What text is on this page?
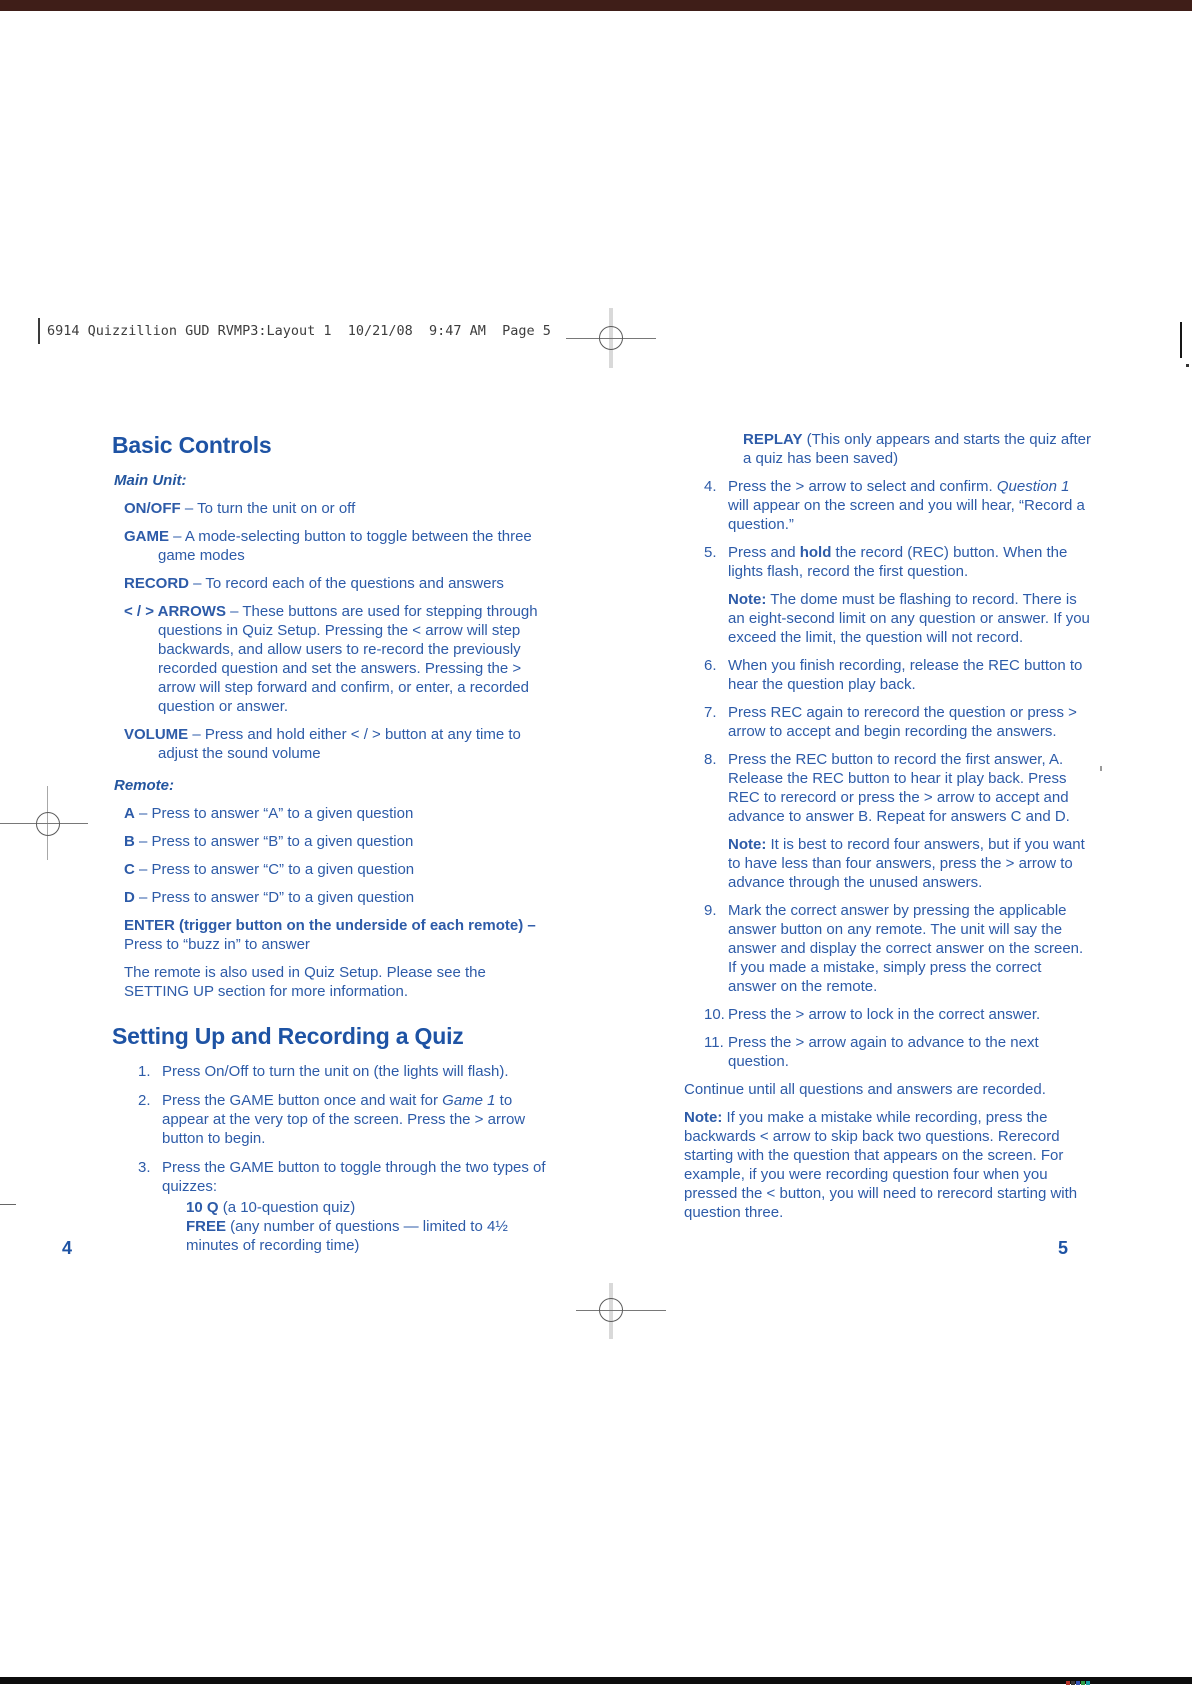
6914 Quizzillion GUD RVMP3:Layout 1  10/21/08  9:47 AM  Page 5
Basic Controls
Main Unit:
ON/OFF – To turn the unit on or off
GAME – A mode-selecting button to toggle between the three game modes
RECORD – To record each of the questions and answers
< / > ARROWS – These buttons are used for stepping through questions in Quiz Setup. Pressing the < arrow will step backwards, and allow users to re-record the previously recorded question and set the answers. Pressing the > arrow will step forward and confirm, or enter, a recorded question or answer.
VOLUME – Press and hold either < / > button at any time to adjust the sound volume
Remote:
A – Press to answer “A” to a given question
B – Press to answer “B” to a given question
C – Press to answer “C” to a given question
D – Press to answer “D” to a given question
ENTER (trigger button on the underside of each remote) – Press to “buzz in” to answer
The remote is also used in Quiz Setup. Please see the SETTING UP section for more information.
Setting Up and Recording a Quiz
1. Press On/Off to turn the unit on (the lights will flash).
2. Press the GAME button once and wait for Game 1 to appear at the very top of the screen. Press the > arrow button to begin.
3. Press the GAME button to toggle through the two types of quizzes:
10 Q (a 10-question quiz)
FREE (any number of questions — limited to 4½ minutes of recording time)
4
REPLAY (This only appears and starts the quiz after a quiz has been saved)
4. Press the > arrow to select and confirm. Question 1 will appear on the screen and you will hear, “Record a question.”
5. Press and hold the record (REC) button. When the lights flash, record the first question.
Note: The dome must be flashing to record. There is an eight-second limit on any question or answer. If you exceed the limit, the question will not record.
6. When you finish recording, release the REC button to hear the question play back.
7. Press REC again to rerecord the question or press > arrow to accept and begin recording the answers.
8. Press the REC button to record the first answer, A. Release the REC button to hear it play back. Press REC to rerecord or press the > arrow to accept and advance to answer B. Repeat for answers C and D.
Note: It is best to record four answers, but if you want to have less than four answers, press the > arrow to advance through the unused answers.
9. Mark the correct answer by pressing the applicable answer button on any remote. The unit will say the answer and display the correct answer on the screen. If you made a mistake, simply press the correct answer on the remote.
10. Press the > arrow to lock in the correct answer.
11. Press the > arrow again to advance to the next question.
Continue until all questions and answers are recorded.
Note: If you make a mistake while recording, press the backwards < arrow to skip back two questions. Rerecord starting with the question that appears on the screen. For example, if you were recording question four when you pressed the < button, you will need to rerecord starting with question three.
5
